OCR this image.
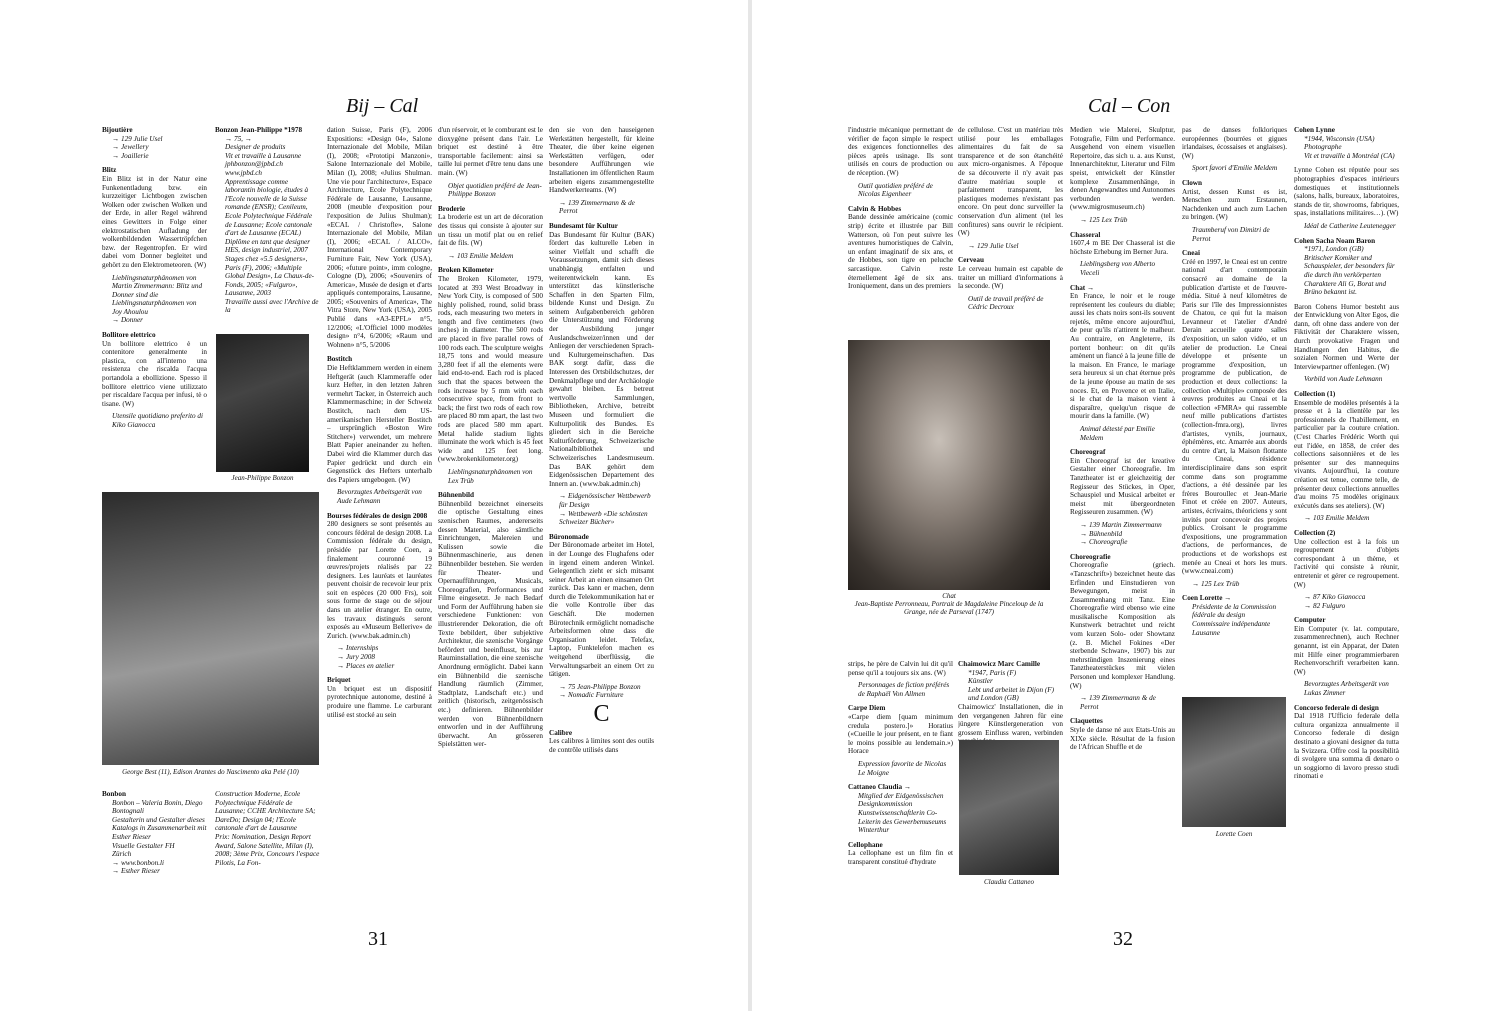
Bij – Cal
Bijoutière
→ 129 Julie Usel
→ Jewellery
→ Joaillerie
Blitz

Ein Blitz ist in der Natur eine Funkenentladung bzw. ein kurzzeitiger Lichtbogen zwischen Wolken oder zwischen Wolken und der Erde, in aller Regel während eines Gewitters in Folge einer elektrostatischen Aufladung der wolkenbildenden Wassertröpfchen bzw. der Regentropfen. Er wird dabei vom Donner begleitet und gehört zu den Elektrometeoren. (W)

Lieblingsnaturphänomen von Martin Zimmermann: Blitz und Donner sind die Lieblingsnaturphänomen von Joy Ahoulou
→ Donner
Bollitore elettrico

Un bollitore elettrico è un contenitore generalmente in plastica, con all'interno una resistenza che riscalda l'acqua portandola a ebollizione. Spesso il bollitore elettrico viene utilizzato per riscaldare l'acqua per infusi, tè o tisane. (W)

Utensile quotidiano preferito di Kiko Gianocca
Bonzon Jean-Philippe *1978
→ 75, →
Designer de produits
Vit et travaille à Lausanne
jphbonzon@jpbd.ch
www.jpbd.ch
Apprentissage comme laborantin biologie, études à l'Ecole nouvelle de la Suisse romande (ENSR); Cenileum, Ecole Polytechnique Fédérale de Lausanne; Ecole cantonale d'art de Lausanne (ECAL)
Diplôme en tant que designer HES, design industriel, 2007
Stages chez «5.5 designers», Paris (F), 2006; «Multiple Global Design», La Chaux-de-Fonds, 2005; «Fulguro», Lausanne, 2003
Travaille aussi avec l'Archive de la
Jean-Philippe Bonzon
George Best (11), Edison Arantes do Nascimento aka Pelé (10)
Bonbon
Bonbon – Valeria Bonin, Diego Bontognali
Gestalterin und Gestalter dieses Katalogs in Zusammenarbeit mit Esther Rieser
Visuelle Gestalter FH
Zürich
→ www.bonbon.li
→ Esther Rieser
Construction Moderne, Ecole Polytechnique Fédérale de Lausanne; CCHE Architecture SA; DareDo; Design 04; l'Ecole cantonale d'art de Lausanne
Prix: Nomination, Design Report Award, Salone Satellite, Milan (I), 2008; 3ème Prix, Concours l'espace Pilotis, La Fon-

dation Suisse, Paris (F), 2006 Expositions: «Design 04», Salone Internazionale del Mobile, Milan (I), 2008; «Prototipi Manzoni», Salone Internazionale del Mobile, Milan (I), 2008; «Julius Shulman. Une vie pour l'architecture», Espace Architecture, Ecole Polytechnique Fédérale de Lausanne, Lausanne, 2008 (meuble d'exposition pour l'exposition de Julius Shulman); «ECAL / Christofle», Salone Internazionale del Mobile, Milan (I), 2006; «ECAL / ALCO», International Contemporary Furniture Fair, New York (USA), 2006; «future point», imm cologne, Cologne (D), 2006; «Souvenirs of America», Musée de design et d'arts appliqués contemporains, Lausanne, 2005; «Souvenirs of America», The Vitra Store, New York (USA), 2005 Publié dans «A3-EPFL» n°5, 12/2006; «L'Officiel 1000 modèles design» n°4, 6/2006; «Raum und Wohnen» n°5, 5/2006

Bostitch

Die Heftklammern werden in einem Heftgerät (auch Klammeraffe oder kurz Hefter, in den letzten Jahren vermehrt Tacker, in Österreich auch Klammermaschine; in der Schweiz Bostitch, nach dem US-amerikanischen Hersteller Bostitch – ursprünglich «Boston Wire Stitcher») verwendet, um mehrere Blatt Papier aneinander zu heften. Dabei wird die Klammer durch das Papier gedrückt und durch ein Gegenstück des Hefters unterhalb des Papiers umgebogen. (W)

Bevorzugtes Arbeitsgerät von Aude Lehmann
Bourses fédérales de design 2008

280 designers se sont présentés au concours fédéral de design 2008. La Commission fédérale du design, présidée par Lorette Coen, a finalement couronné 19 œuvres/projets réalisés par 22 designers. Les lauréats et lauréates peuvent choisir de recevoir leur prix soit en espèces (20 000 Frs), soit sous forme de stage ou de séjour dans un atelier étranger. En outre, les travaux distingués seront exposés au «Museum Bellerive» de Zurich. (www.bak.admin.ch)

→ Internships
→ Jury 2008
→ Places en atelier
Briquet

Un briquet est un dispositif pyrotechnique autonome, destiné à produire une flamme. Le carburant utilisé est stocké au sein

d'un réservoir, et le comburant est le dioxygène présent dans l'air. Le briquet est destiné à être transportable facilement: ainsi sa taille lui permet d'être tenu dans une main. (W)

Objet quotidien préféré de Jean-Philippe Bonzon
Broderie

La broderie est un art de décoration des tissus qui consiste à ajouter sur un tissu un motif plat ou en relief fait de fils. (W)

→ 103 Emilie Meldem
Broken Kilometer

The Broken Kilometer, 1979, located at 393 West Broadway in New York City, is composed of 500 highly polished, round, solid brass rods, each measuring two meters in length and five centimeters (two inches) in diameter. The 500 rods are placed in five parallel rows of 100 rods each. The sculpture weighs 18,75 tons and would measure 3,280 feet if all the elements were laid end-to-end. Each rod is placed such that the spaces between the rods increase by 5 mm with each consecutive space, from front to back; the first two rods of each row are placed 80 mm apart, the last two rods are placed 580 mm apart. Metal halide stadium lights illuminate the work which is 45 feet wide and 125 feet long. (www.brokenkilometer.org)

Lieblingsnaturphänomen von Lex Trüb
Bühnenbild

Bühnenbild bezeichnet einerseits die optische Gestaltung eines szenischen Raumes, andererseits dessen Material, also sämtliche Einrichtungen, Malereien und Kulissen sowie die Bühnenmaschinerie, aus denen Bühnenbilder bestehen. Sie werden für Theater- und Opernaufführungen, Musicals, Choreografien, Performances und Filme eingesetzt. Je nach Bedarf und Form der Aufführung haben sie verschiedene Funktionen: von illustrierender Dekoration, die oft Texte bebildert, über subjektive Architektur, die szenische Vorgänge befördert und beeinflusst, bis zur Rauminstallation, die eine szenische Anordnung ermöglicht. Dabei kann ein Bühnenbild die szenische Handlung räumlich (Zimmer, Stadtplatz, Landschaft etc.) und zeitlich (historisch, zeitgenössisch etc.) definieren. Bühnenbilder werden von Bühnenbildnern entworfen und in der Aufführung überwacht. An grösseren Spielstätten wer-

den sie von den hauseigenen Werkstätten hergestellt, für kleine Theater, die über keine eigenen Werkstätten verfügen, oder besondere Aufführungen wie Installationen im öffentlichen Raum arbeiten eigens zusammengestellte Handwerkerteams. (W)

→ 139 Zimmermann & de Perrot
Bundesamt für Kultur

Das Bundesamt für Kultur (BAK) fördert das kulturelle Leben in seiner Vielfalt und schafft die Voraussetzungen, damit sich dieses unabhängig entfalten und weiterentwickeln kann. Es unterstützt das künstlerische Schaffen in den Sparten Film, bildende Kunst und Design. Zu seinem Aufgabenbereich gehören die Unterstützung und Förderung der Ausbildung junger Auslandschweizer/innen und der Anliegen der verschiedenen Sprach- und Kulturgemeinschaften. Das BAK sorgt dafür, dass die Interessen des Ortsbildschutzes, der Denkmalpflege und der Archäologie gewahrt bleiben. Es betreut wertvolle Sammlungen, Bibliotheken, Archive, betreibt Museen und formuliert die Kulturpolitik des Bundes. Es gliedert sich in die Bereiche Kulturförderung, Schweizerische Nationalbibliothek und Schweizerisches Landesmuseum. Das BAK gehört dem Eidgenössischen Departement des Innern an. (www.bak.admin.ch)

→ Eidgenössischer Wettbewerb für Design
→ Wettbewerb «Die schönsten Schweizer Bücher»
Büronomade

Der Büronomade arbeitet im Hotel, in der Lounge des Flughafens oder in irgend einem anderen Winkel. Gelegentlich zieht er sich mitsamt seiner Arbeit an einen einsamen Ort zurück. Das kann er machen, denn durch die Telekommunikation hat er die volle Kontrolle über das Geschäft. Die modernen Bürotechnik ermöglicht nomadische Arbeitsformen ohne dass die Organisation leidet. Telefax, Laptop, Funktelefon machen es weitgehend überflüssig, die Verwaltungsarbeit an einem Ort zu tätigen.

→ 75 Jean-Philippe Bonzon
→ Nomadic Furniture

C

Calibre

Les calibres à limites sont des outils de contrôle utilisés dans

31
Cal – Con

l'industrie mécanique permettant de vérifier de façon simple le respect des exigences fonctionnelles des pièces après usinage. Ils sont utilisés en cours de production ou de réception. (W)

Outil quotidien préféré de Nicolas Eigenheer
Calvin & Hobbes

Bande dessinée américaine (comic strip) écrite et illustrée par Bill Watterson, où l'on peut suivre les aventures humoristiques de Calvin, un enfant imaginatif de six ans, et de Hobbes, son tigre en peluche sarcastique. Calvin reste éternellement âgé de six ans. Ironiquement, dans un des premiers

de cellulose. C'est un matériau très utilisé pour les emballages alimentaires du fait de sa transparence et de son étanchéité aux micro-organismes. A l'époque de sa découverte il n'y avait pas d'autre matériau souple et parfaitement transparent, les plastiques modernes n'existant pas encore. On peut donc surveiller la conservation d'un aliment (tel les confitures) sans ouvrir le récipient. (W)

→ 129 Julie Usel
Cerveau

Le cerveau humain est capable de traiter un milliard d'informations à la seconde. (W)

Outil de travail préféré de Cédric Decroux
Chat
Jean-Baptiste Perronneau, Portrait de Magdaleine Pinceloup de la Grange, née de Parseval (1747)

strips, he père de Calvin lui dit qu'il pense qu'il a toujours six ans. (W)

Personnages de fiction préférés de Raphaël Von Allmen
Carpe Diem

«Carpe diem [quam minimum credula postero.]» Horatius («Cueille le jour présent, en te fiant le moins possible au lendemain.») Horace

Expression favorite de Nicolas Le Moigne
Cattaneo Claudia →
Mitglied der Eidgenössischen Designkommission Kunstwissenschaftlerin Co-Leiterin des Gewerbemuseums Winterthur
Cellophane

La cellophane est un film fin et transparent constitué d'hydrate

Chaimowicz Marc Camille
*1947, Paris (F)
Künstler
Lebt und arbeitet in Dijon (F) und London (GB)

Chaimowicz' Installationen, die in den vergangenen Jahren für eine jüngere Künstlergeneration von grossem Einfluss waren, verbinden

Claudia Cattaneo

Medien wie Malerei, Skulptur, Fotografie, Film und Performance. Ausgehend von einem visuellen Repertoire, das sich u. a. aus Kunst, Innenarchitektur, Literatur und Film speist, entwickelt der Künstler komplexe Zusammenhänge, in denen Angewandtes und Autonomes verbunden werden. (www.migrosmuseum.ch)

→ 125 Lex Trüb
Chasseral

1607,4 m BE Der Chasseral ist die höchste Erhebung im Berner Jura.

Lieblingsberg von Alberto Vieceli
Chat →

En France, le noir et le rouge représentent les couleurs du diable; aussi les chats noirs sont-ils souvent rejetés, même encore aujourd'hui, de peur qu'ils n'attirent le malheur. Au contraire, en Angleterre, ils portent bonheur: on dit qu'ils amènent un fiancé à la jeune fille de la maison. En France, le mariage sera heureux si un chat éternue près de la jeune épouse au matin de ses noces. Et, en Provence et en Italie, si le chat de la maison vient à disparaître, quelqu'un risque de mourir dans la famille. (W)

Animal détesté par Emilie Meldem
Choreograf

Ein Choreograf ist der kreative Gestalter einer Choreografie. Im Tanztheater ist er gleichzeitig der Regisseur des Stückes, in Oper, Schauspiel und Musical arbeitet er meist mit übergeordneten Regisseuren zusammen. (W)

→ 139 Martin Zimmermann
→ Bühnenbild
→ Choreografie
Choreografie

Choreografie (griech. «Tanzschrift») bezeichnet heute das Erfinden und Einstudieren von Bewegungen, meist in Zusammenhang mit Tanz. Eine Choreografie wird ebenso wie eine musikalische Komposition als Kunstwerk betrachtet und reicht vom kurzen Solo- oder Showtanz (z. B. Michel Fokines «Der sterbende Schwan», 1907) bis zur mehrstündigen Inszenierung eines Tanztheaterstückes mit vielen Personen und komplexer Handlung. (W)

→ 139 Zimmermann & de Perrot
Claquettes

Style de danse né aux Etats-Unis au XIXe siècle. Résultat de la fusion de l'African Shuffle et de

pas de danses folkloriques européennes (bourrées et gigues irlandaises, écossaises et anglaises). (W)

Sport favori d'Emilie Meldem
Clown

Artist, dessen Kunst es ist, Menschen zum Erstaunen, Nachdenken und auch zum Lachen zu bringen. (W)

Traumberuf von Dimitri de Perrot
Cneai

Créé en 1997, le Cneai est un centre national d'art contemporain consacré au domaine de la publication d'artiste et de l'œuvre-média. Situé à neuf kilomètres de Paris sur l'île des Impressionnistes de Chatou, ce qui fut la maison Levanneur et l'atelier d'André Derain accueille quatre salles d'exposition, un salon vidéo, et un atelier de production. Le Cneai développe et présente un programme d'exposition, un programme de publication, de production et deux collections: la collection «Multiple» composée des œuvres produites au Cneai et la collection «FMRA» qui rassemble neuf mille publications d'artistes (collection-fmra.org), livres d'artistes, vynils, journaux, éphémères, etc. Amarrée aux abords du centre d'art, la Maison flottante du Cneai, résidence interdisciplinaire dans son esprit comme dans son programme d'actions, a été dessinée par les frères Bouroullec et Jean-Marie Finot et créée en 2007. Auteurs, artistes, écrivains, théoriciens y sont invités pour concevoir des projets publics. Croisant le programme d'expositions, une programmation d'actions, de performances, de productions et de workshops est menée au Cneai et hors les murs. (www.cneai.com)

→ 125 Lex Trüb
Coen Lorette →
Présidente de la Commission fédérale du design
Commissaire indépendante
Lausanne
Lorette Coen
Cohen Lynne
*1944, Wisconsin (USA)
Photographe
Vit et travaille à Montréal (CA)

Lynne Cohen est réputée pour ses photographies d'espaces intérieurs domestiques et institutionnels (salons, halls, bureaux, laboratoires, stands de tir, showrooms, fabriques, spas, installations militaires…). (W)

Idéal de Catherine Leutenegger
Cohen Sacha Noam Baron
*1971, London (GB)
Britischer Komiker und Schauspieler, der besonders für die durch ihn verkörperten Charaktere Ali G, Borat und Brüno bekannt ist.

Baron Cohens Humor besteht aus der Entwicklung von Alter Egos, die dann, oft ohne dass andere von der Fiktivität der Charaktere wissen, durch provokative Fragen und Handlungen den Habitus, die sozialen Normen und Werte der Interviewpartner offenlegen. (W)

Vorbild von Aude Lehmann
Collection (1)

Ensemble de modèles présentés à la presse et à la clientèle par les professionnels de l'habillement, en particulier par la couture création. (C'est Charles Frédéric Worth qui eut l'idée, en 1858, de créer des collections saisonnières et de les présenter sur des mannequins vivants. Aujourd'hui, la couture création est tenue, comme telle, de présenter deux collections annuelles d'au moins 75 modèles originaux exécutés dans ses ateliers). (W)

→ 103 Emilie Meldem
Collection (2)

Une collection est à la fois un regroupement d'objets correspondant à un thème, et l'activité qui consiste à réunir, entretenir et gérer ce regroupement. (W)

→ 87 Kiko Gianocca
→ 82 Fulguro
Computer

Ein Computer (v. lat. computare, zusammenrechnen), auch Rechner genannt, ist ein Apparat, der Daten mit Hilfe einer programmierbaren Rechenvorschrift verarbeiten kann. (W)

Bevorzugtes Arbeitsgerät von Lukas Zimmer
Concorso federale di design

Dal 1918 l'Ufficio federale della cultura organizza annualmente il Concorso federale di design destinato a giovani designer da tutta la Svizzera. Offre così la possibilità di svolgere una somma di denaro o un soggiorno di lavoro presso studi rinomati e

32
